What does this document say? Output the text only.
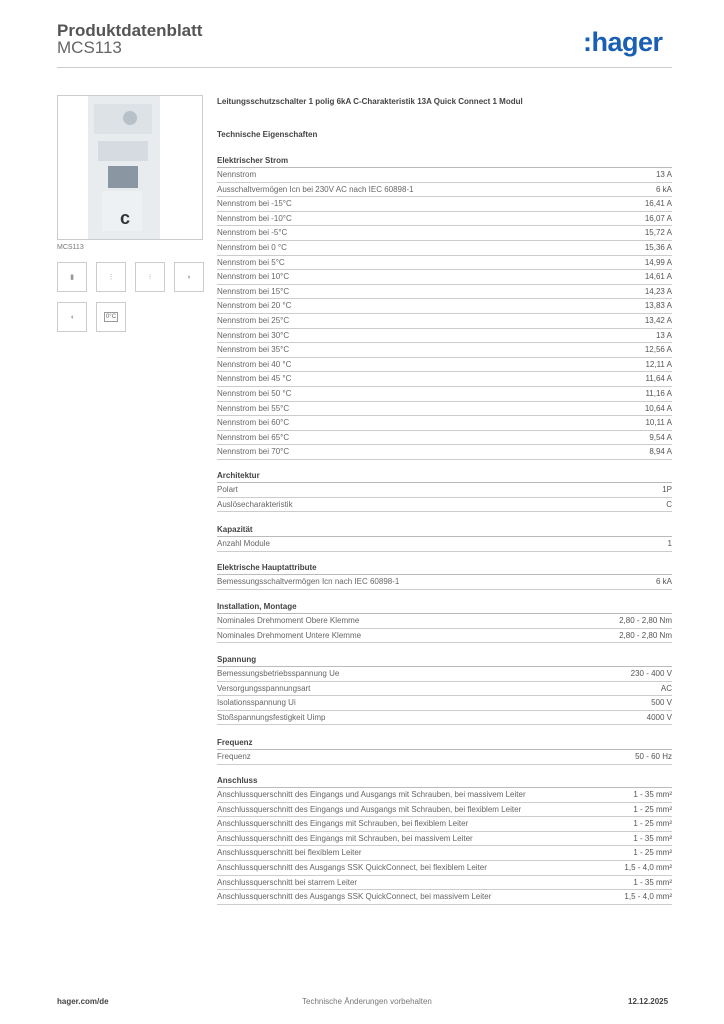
Produktdatenblatt
MCS113	:hager
c
MCS113
▮	⋮	⁝	◗
◖	0°C
Leitungsschutzschalter 1 polig 6kA C-Charakteristik 13A Quick Connect 1 Modul
Technische Eigenschaften
Elektrischer Strom
Nennstrom	13 A
Ausschaltvermögen Icn bei 230V AC nach IEC 60898-1	6 kA
Nennstrom bei -15°C	16,41 A
Nennstrom bei -10°C	16,07 A
Nennstrom bei -5°C	15,72 A
Nennstrom bei 0 °C	15,36 A
Nennstrom bei 5°C	14,99 A
Nennstrom bei 10°C	14,61 A
Nennstrom bei 15°C	14,23 A
Nennstrom bei 20 °C	13,83 A
Nennstrom bei 25°C	13,42 A
Nennstrom bei 30°C	13 A
Nennstrom bei 35°C	12,56 A
Nennstrom bei 40 °C	12,11 A
Nennstrom bei 45 °C	11,64 A
Nennstrom bei 50 °C	11,16 A
Nennstrom bei 55°C	10,64 A
Nennstrom bei 60°C	10,11 A
Nennstrom bei 65°C	9,54 A
Nennstrom bei 70°C	8,94 A
Architektur
Polart	1P
Auslösecharakteristik	C
Kapazität
Anzahl Module	1
Elektrische Hauptattribute
Bemessungsschaltvermögen Icn nach IEC 60898-1	6 kA
Installation, Montage
Nominales Drehmoment Obere Klemme	2,80 - 2,80 Nm
Nominales Drehmoment Untere Klemme	2,80 - 2,80 Nm
Spannung
Bemessungsbetriebsspannung Ue	230 - 400 V
Versorgungsspannungsart	AC
Isolationsspannung Ui	500 V
Stoßspannungsfestigkeit Uimp	4000 V
Frequenz
Frequenz	50 - 60 Hz
Anschluss
Anschlussquerschnitt des Eingangs und Ausgangs mit Schrauben, bei massivem Leiter	1 - 35 mm²
Anschlussquerschnitt des Eingangs und Ausgangs mit Schrauben, bei flexiblem Leiter	1 - 25 mm²
Anschlussquerschnitt des Eingangs mit Schrauben, bei flexiblem Leiter	1 - 25 mm²
Anschlussquerschnitt des Eingangs mit Schrauben, bei massivem Leiter	1 - 35 mm²
Anschlussquerschnitt bei flexiblem Leiter	1 - 25 mm²
Anschlussquerschnitt des Ausgangs SSK QuickConnect, bei flexiblem Leiter	1,5 - 4,0 mm²
Anschlussquerschnitt bei starrem Leiter	1 - 35 mm²
Anschlussquerschnitt des Ausgangs SSK QuickConnect, bei massivem Leiter	1,5 - 4,0 mm²
hager.com/de	Technische Änderungen vorbehalten	12.12.2025
